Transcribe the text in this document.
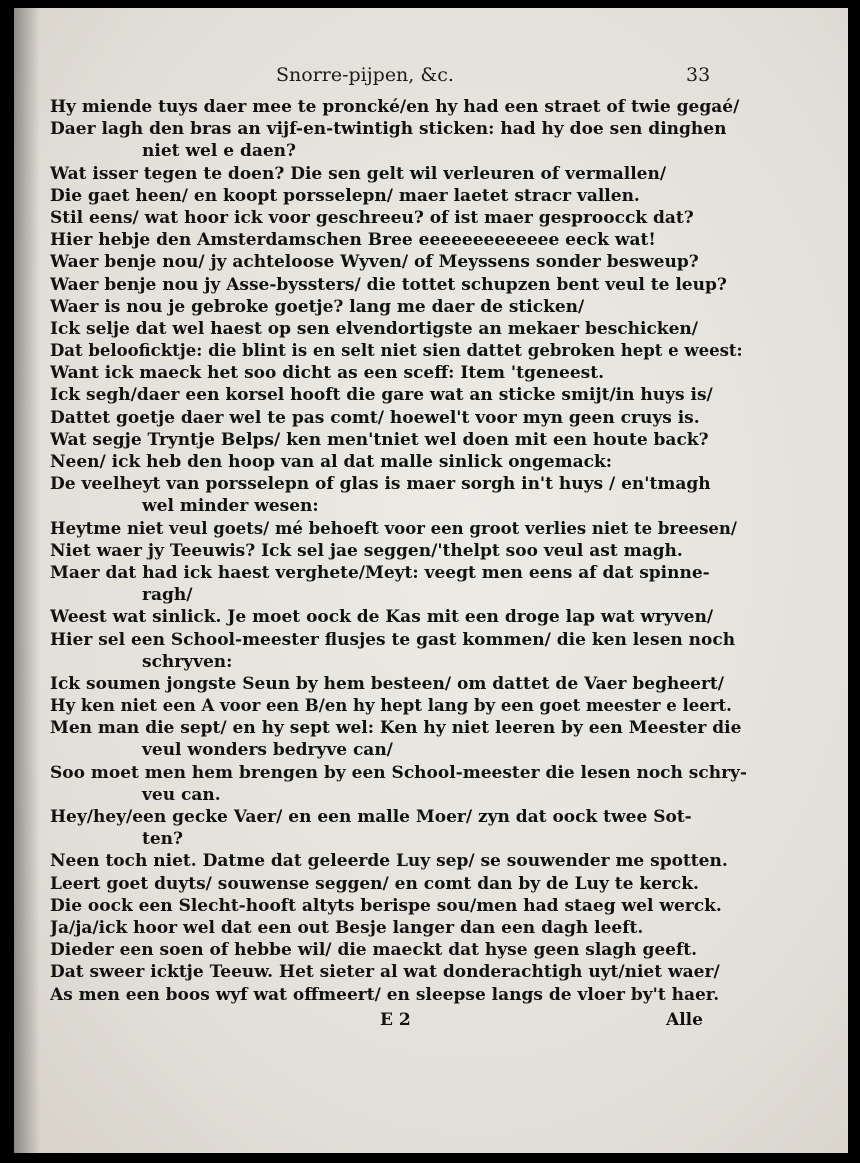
Snorre-pijpen, &c.	33
Hy miende tuys daer mee te proncké/en hy had een straet of twie gegaé/
Daer lagh den bras an vijf-en-twintigh sticken: had hy doe sen dinghen
niet wel e daen?
Wat isser tegen te doen? Die sen gelt wil verleuren of vermallen/
Die gaet heen/ en koopt porsselepn/ maer laetet stracr vallen.
Stil eens/ wat hoor ick voor geschreeu? of ist maer gesproocck dat?
Hier hebje den Amsterdamschen Bree eeeeeeeeeeeee eeck wat!
Waer benje nou/ jy achteloose Wyven/ of Meyssens sonder besweup?
Waer benje nou jy Asse-byssters/ die tottet schupzen bent veul te leup?
Waer is nou je gebroke goetje? lang me daer de sticken/
Ick selje dat wel haest op sen elvendortigste an mekaer beschicken/
Dat belooficktje: die blint is en selt niet sien dattet gebroken hept e weest:
Want ick maeck het soo dicht as een sceff: Item 'tgeneest.
Ick segh/daer een korsel hooft die gare wat an sticke smijt/in huys is/
Dattet goetje daer wel te pas comt/ hoewel't voor myn geen cruys is.
Wat segje Tryntje Belps/ ken men'tniet wel doen mit een houte back?
Neen/ ick heb den hoop van al dat malle sinlick ongemack:
De veelheyt van porsselepn of glas is maer sorgh in't huys / en'tmagh
wel minder wesen:
Heytme niet veul goets/ mé behoeft voor een groot verlies niet te breesen/
Niet waer jy Teeuwis? Ick sel jae seggen/'thelpt soo veul ast magh.
Maer dat had ick haest verghete/Meyt: veegt men eens af dat spinne-
ragh/
Weest wat sinlick. Je moet oock de Kas mit een droge lap wat wryven/
Hier sel een School-meester flusjes te gast kommen/ die ken lesen noch
schryven:
Ick soumen jongste Seun by hem besteen/ om dattet de Vaer begheert/
Hy ken niet een A voor een B/en hy hept lang by een goet meester e leert.
Men man die sept/ en hy sept wel: Ken hy niet leeren by een Meester die
veul wonders bedryve can/
Soo moet men hem brengen by een School-meester die lesen noch schry-
veu can.
Hey/hey/een gecke Vaer/ en een malle Moer/ zyn dat oock twee Sot-
ten?
Neen toch niet. Datme dat geleerde Luy sep/ se souwender me spotten.
Leert goet duyts/ souwense seggen/ en comt dan by de Luy te kerck.
Die oock een Slecht-hooft altyts berispe sou/men had staeg wel werck.
Ja/ja/ick hoor wel dat een out Besje langer dan een dagh leeft.
Dieder een soen of hebbe wil/ die maeckt dat hyse geen slagh geeft.
Dat sweer icktje Teeuw. Het sieter al wat donderachtigh uyt/niet waer/
As men een boos wyf wat offmeert/ en sleepse langs de vloer by't haer.
E 2	Alle
